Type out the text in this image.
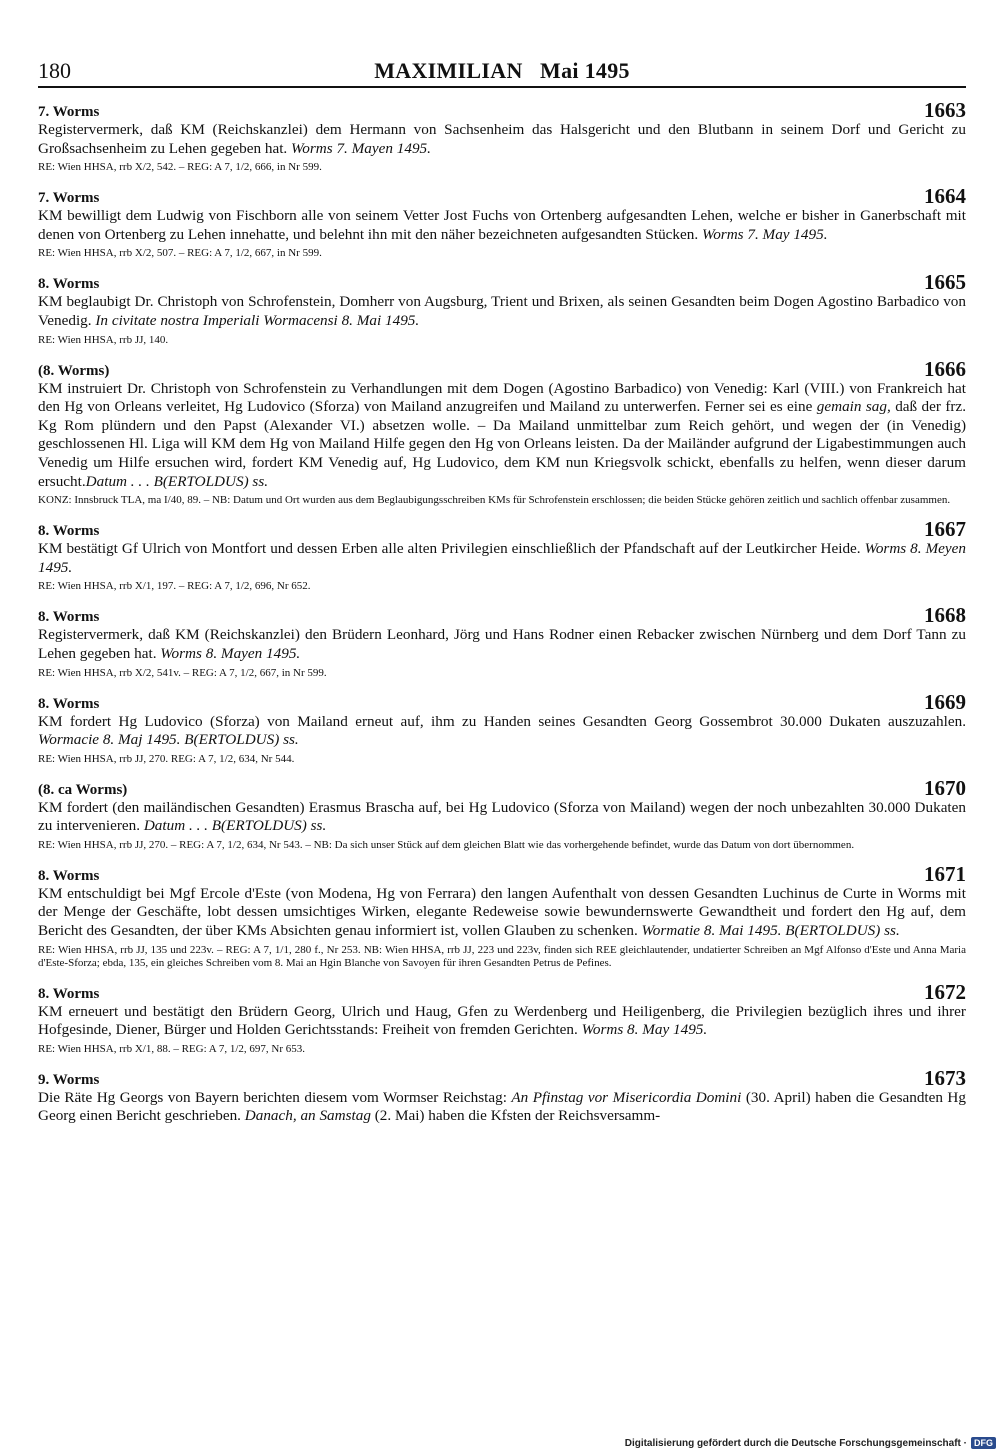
180	MAXIMILIAN   Mai 1495
7. Worms	1663

Registervermerk, daß KM (Reichskanzlei) dem Hermann von Sachsenheim das Halsgericht und den Blutbann in seinem Dorf und Gericht zu Großsachsenheim zu Lehen gegeben hat. Worms 7. Mayen 1495.

RE: Wien HHSA, rrb X/2, 542. – REG: A 7, 1/2, 666, in Nr 599.
7. Worms	1664

KM bewilligt dem Ludwig von Fischborn alle von seinem Vetter Jost Fuchs von Ortenberg aufgesandten Lehen, welche er bisher in Ganerbschaft mit denen von Ortenberg zu Lehen innehatte, und belehnt ihn mit den näher bezeichneten aufgesandten Stücken. Worms 7. May 1495.

RE: Wien HHSA, rrb X/2, 507. – REG: A 7, 1/2, 667, in Nr 599.
8. Worms	1665

KM beglaubigt Dr. Christoph von Schrofenstein, Domherr von Augsburg, Trient und Brixen, als seinen Gesandten beim Dogen Agostino Barbadico von Venedig. In civitate nostra Imperiali Wormacensi 8. Mai 1495.

RE: Wien HHSA, rrb JJ, 140.
(8. Worms)	1666

KM instruiert Dr. Christoph von Schrofenstein zu Verhandlungen mit dem Dogen (Agostino Barbadico) von Venedig: Karl (VIII.) von Frankreich hat den Hg von Orleans verleitet, Hg Ludovico (Sforza) von Mailand anzugreifen und Mailand zu unterwerfen. Ferner sei es eine gemain sag, daß der frz. Kg Rom plündern und den Papst (Alexander VI.) absetzen wolle. – Da Mailand unmittelbar zum Reich gehört, und wegen der (in Venedig) geschlossenen Hl. Liga will KM dem Hg von Mailand Hilfe gegen den Hg von Orleans leisten. Da der Mailänder aufgrund der Ligabestimmungen auch Venedig um Hilfe ersuchen wird, fordert KM Venedig auf, Hg Ludovico, dem KM nun Kriegsvolk schickt, ebenfalls zu helfen, wenn dieser darum ersucht.Datum . . . B(ERTOLDUS) ss.

KONZ: Innsbruck TLA, ma I/40, 89. – NB: Datum und Ort wurden aus dem Beglaubigungsschreiben KMs für Schrofenstein erschlossen; die beiden Stücke gehören zeitlich und sachlich offenbar zusammen.
8. Worms	1667

KM bestätigt Gf Ulrich von Montfort und dessen Erben alle alten Privilegien einschließlich der Pfandschaft auf der Leutkircher Heide. Worms 8. Meyen 1495.

RE: Wien HHSA, rrb X/1, 197. – REG: A 7, 1/2, 696, Nr 652.
8. Worms	1668

Registervermerk, daß KM (Reichskanzlei) den Brüdern Leonhard, Jörg und Hans Rodner einen Rebacker zwischen Nürnberg und dem Dorf Tann zu Lehen gegeben hat. Worms 8. Mayen 1495.

RE: Wien HHSA, rrb X/2, 541v. – REG: A 7, 1/2, 667, in Nr 599.
8. Worms	1669

KM fordert Hg Ludovico (Sforza) von Mailand erneut auf, ihm zu Handen seines Gesandten Georg Gossembrot 30.000 Dukaten auszuzahlen. Wormacie 8. Maj 1495. B(ERTOLDUS) ss.

RE: Wien HHSA, rrb JJ, 270. REG: A 7, 1/2, 634, Nr 544.
(8. ca Worms)	1670

KM fordert (den mailändischen Gesandten) Erasmus Brascha auf, bei Hg Ludovico (Sforza von Mailand) wegen der noch unbezahlten 30.000 Dukaten zu intervenieren. Datum . . . B(ERTOLDUS) ss.

RE: Wien HHSA, rrb JJ, 270. – REG: A 7, 1/2, 634, Nr 543. – NB: Da sich unser Stück auf dem gleichen Blatt wie das vorhergehende befindet, wurde das Datum von dort übernommen.
8. Worms	1671

KM entschuldigt bei Mgf Ercole d'Este (von Modena, Hg von Ferrara) den langen Aufenthalt von dessen Gesandten Luchinus de Curte in Worms mit der Menge der Geschäfte, lobt dessen umsichtiges Wirken, elegante Redeweise sowie bewundernswerte Gewandtheit und fordert den Hg auf, dem Bericht des Gesandten, der über KMs Absichten genau informiert ist, vollen Glauben zu schenken. Wormatie 8. Mai 1495. B(ERTOLDUS) ss.

RE: Wien HHSA, rrb JJ, 135 und 223v. – REG: A 7, 1/1, 280 f., Nr 253. NB: Wien HHSA, rrb JJ, 223 und 223v, finden sich REE gleichlautender, undatierter Schreiben an Mgf Alfonso d'Este und Anna Maria d'Este-Sforza; ebda, 135, ein gleiches Schreiben vom 8. Mai an Hgin Blanche von Savoyen für ihren Gesandten Petrus de Pefines.
8. Worms	1672

KM erneuert und bestätigt den Brüdern Georg, Ulrich und Haug, Gfen zu Werdenberg und Heiligenberg, die Privilegien bezüglich ihres und ihrer Hofgesinde, Diener, Bürger und Holden Gerichtsstands: Freiheit von fremden Gerichten. Worms 8. May 1495.

RE: Wien HHSA, rrb X/1, 88. – REG: A 7, 1/2, 697, Nr 653.
9. Worms	1673

Die Räte Hg Georgs von Bayern berichten diesem vom Wormser Reichstag: An Pfinstag vor Misericordia Domini (30. April) haben die Gesandten Hg Georg einen Bericht geschrieben. Danach, an Samstag (2. Mai) haben die Kfsten der Reichsversamm-

Digitalisierung gefördert durch die Deutsche Forschungsgemeinschaft · DFG
